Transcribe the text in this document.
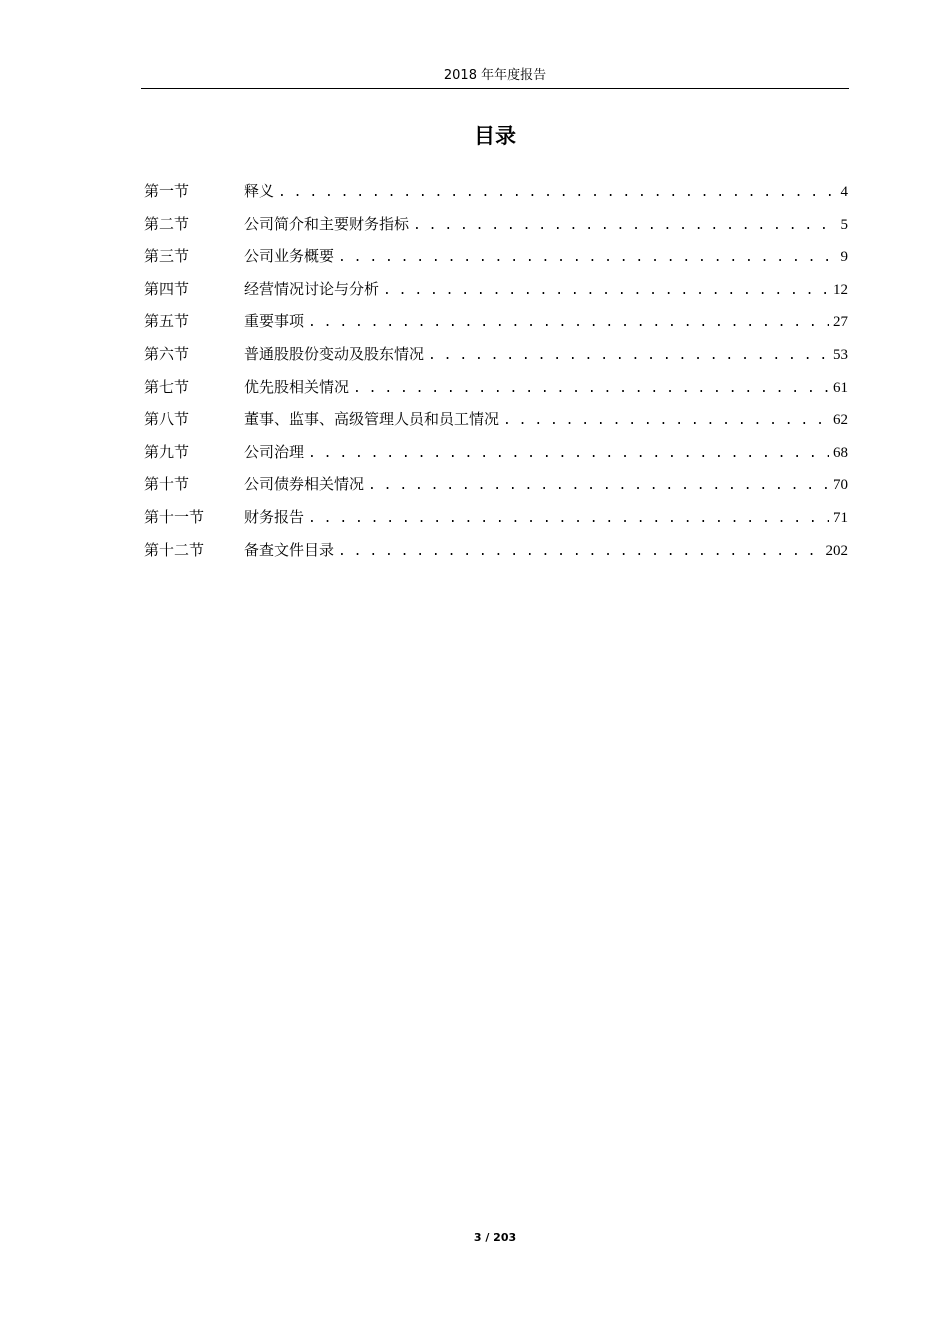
2018 年年度报告
目录
第一节	释义 . . .	4
第二节	公司简介和主要财务指标 . . .	5
第三节	公司业务概要 . . .	9
第四节	经营情况讨论与分析 . . .	12
第五节	重要事项 . . .	27
第六节	普通股股份变动及股东情况 . . .	53
第七节	优先股相关情况 . . .	61
第八节	董事、监事、高级管理人员和员工情况 . . .	62
第九节	公司治理 . . .	68
第十节	公司债券相关情况 . . .	70
第十一节	财务报告 . . .	71
第十二节	备查文件目录 . . .	202
3 / 203
